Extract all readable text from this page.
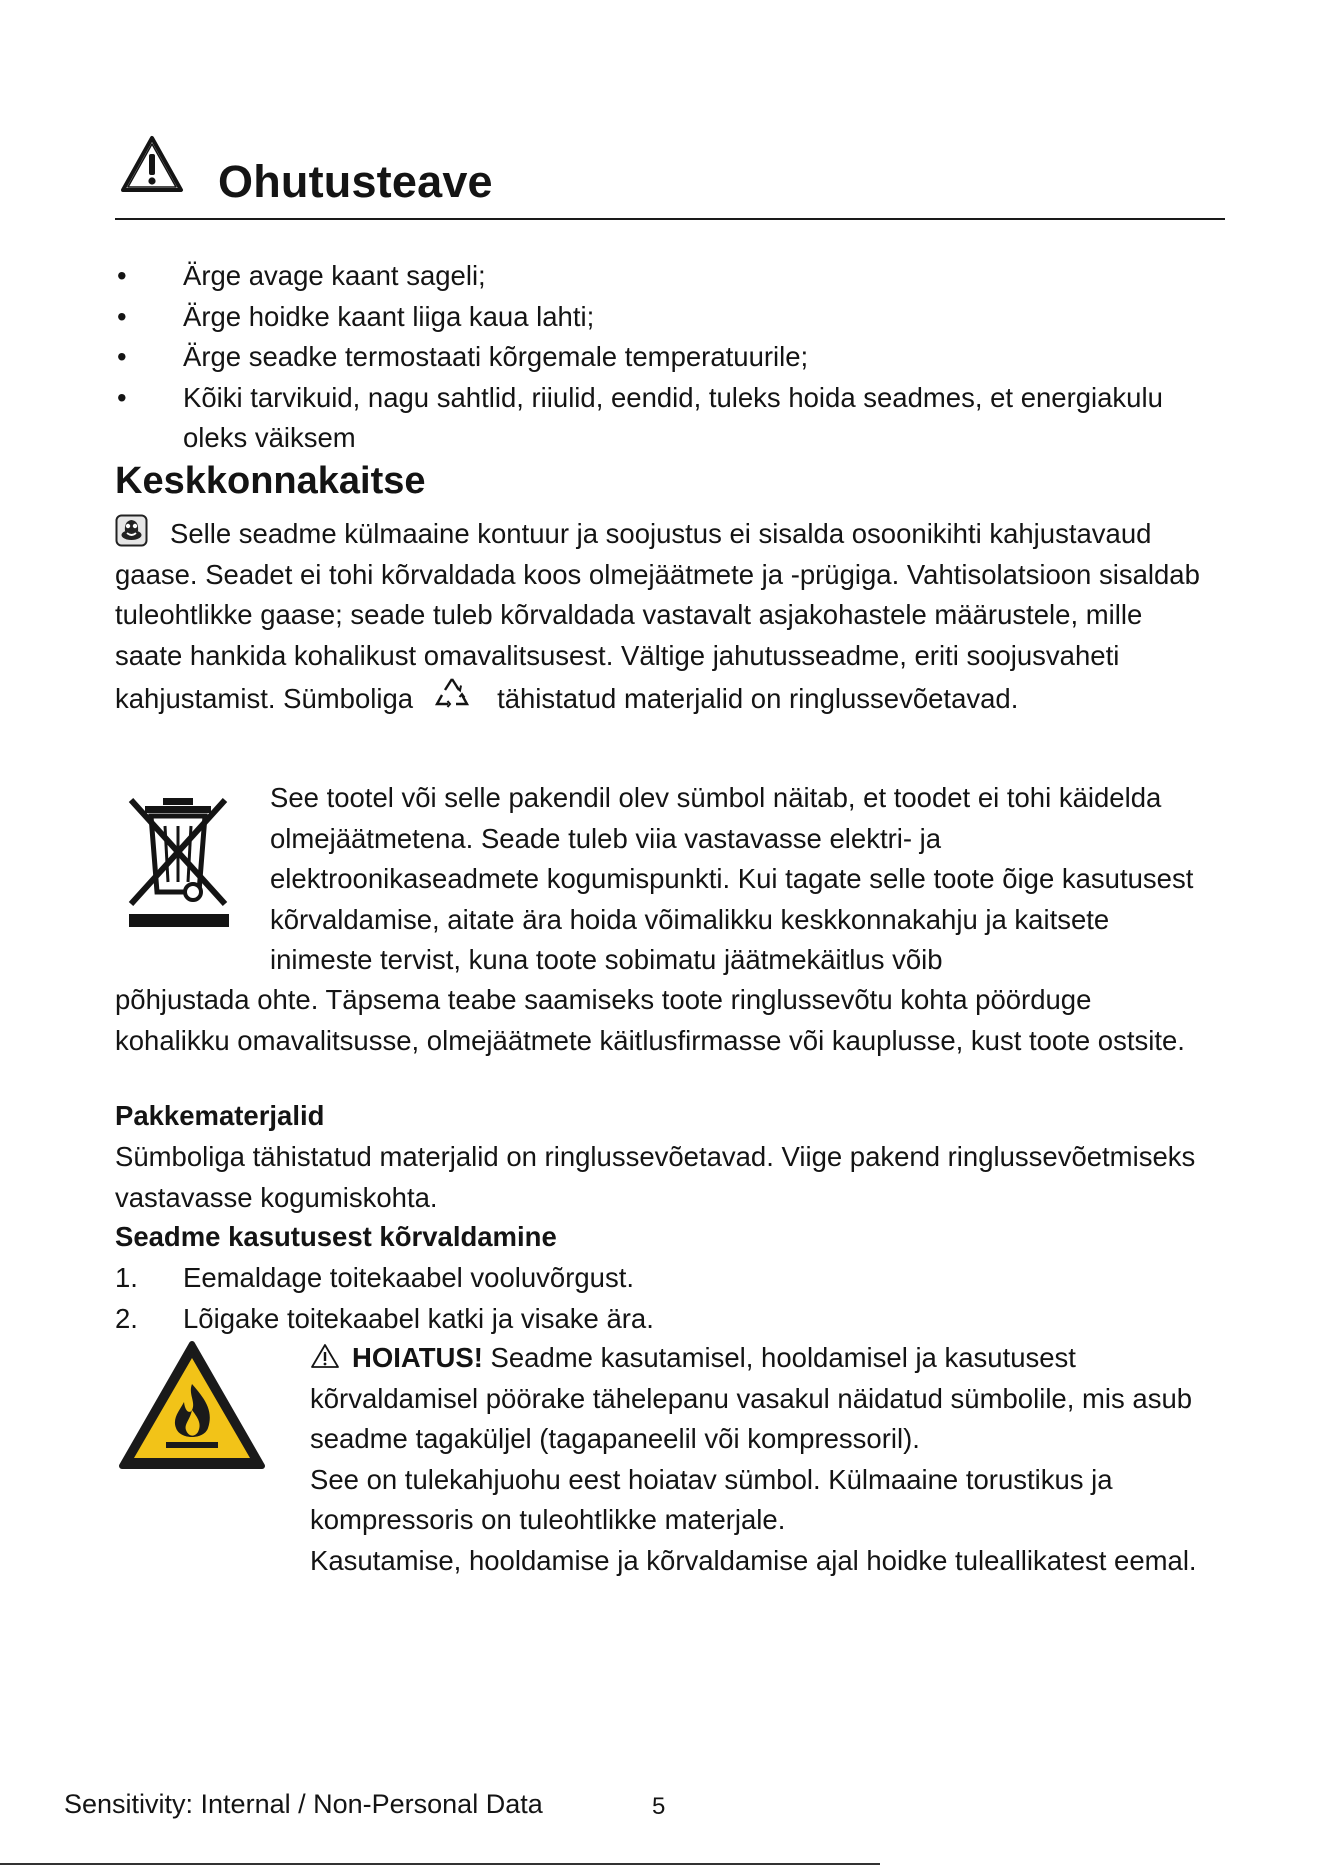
Ohutusteave
• Ärge avage kaant sageli;
• Ärge hoidke kaant liiga kaua lahti;
• Ärge seadke termostaati kõrgemale temperatuurile;
• Kõiki tarvikuid, nagu sahtlid, riiulid, eendid, tuleks hoida seadmes, et energiakulu oleks väiksem
Keskkonnakaitse
Selle seadme külmaaine kontuur ja soojustus ei sisalda osoonikihti kahjustavaud gaase. Seadet ei tohi kõrvaldada koos olmejäätmete ja -prügiga. Vahtisolatsioon sisaldab tuleohtlikke gaase; seade tuleb kõrvaldada vastavalt asjakohastele määrustele, mille saate hankida kohalikust omavalitsusest. Vältige jahutusseadme, eriti soojusvaheti kahjustamist. Sümboliga	tähistatud materjalid on ringlussevõetavad.
See tootel või selle pakendil olev sümbol näitab, et toodet ei tohi käidelda olmejäätmetena. Seade tuleb viia vastavasse elektri- ja elektroonikaseadmete kogumispunkti. Kui tagate selle toote õige kasutusest kõrvaldamise, aitate ära hoida võimalikku keskkonnakahju ja kaitsete inimeste tervist, kuna toote sobimatu jäätmekäitlus võib
põhjustada ohte. Täpsema teabe saamiseks toote ringlussevõtu kohta pöörduge kohalikku omavalitsusse, olmejäätmete käitlusfirmasse või kauplusse, kust toote ostsite.
Pakkematerjalid
Sümboliga tähistatud materjalid on ringlussevõetavad. Viige pakend ringlussevõetmiseks vastavasse kogumiskohta.
Seadme kasutusest kõrvaldamine
1. Eemaldage toitekaabel vooluvõrgust.
2. Lõigake toitekaabel katki ja visake ära.
HOIATUS! Seadme kasutamisel, hooldamisel ja kasutusest kõrvaldamisel pöörake tähelepanu vasakul näidatud sümbolile, mis asub seadme tagaküljel (tagapaneelil või kompressoril).
See on tulekahjuohu eest hoiatav sümbol. Külmaaine torustikus ja kompressoris on tuleohtlikke materjale.
Kasutamise, hooldamise ja kõrvaldamise ajal hoidke tuleallikatest eemal.
Sensitivity: Internal / Non-Personal Data	5
